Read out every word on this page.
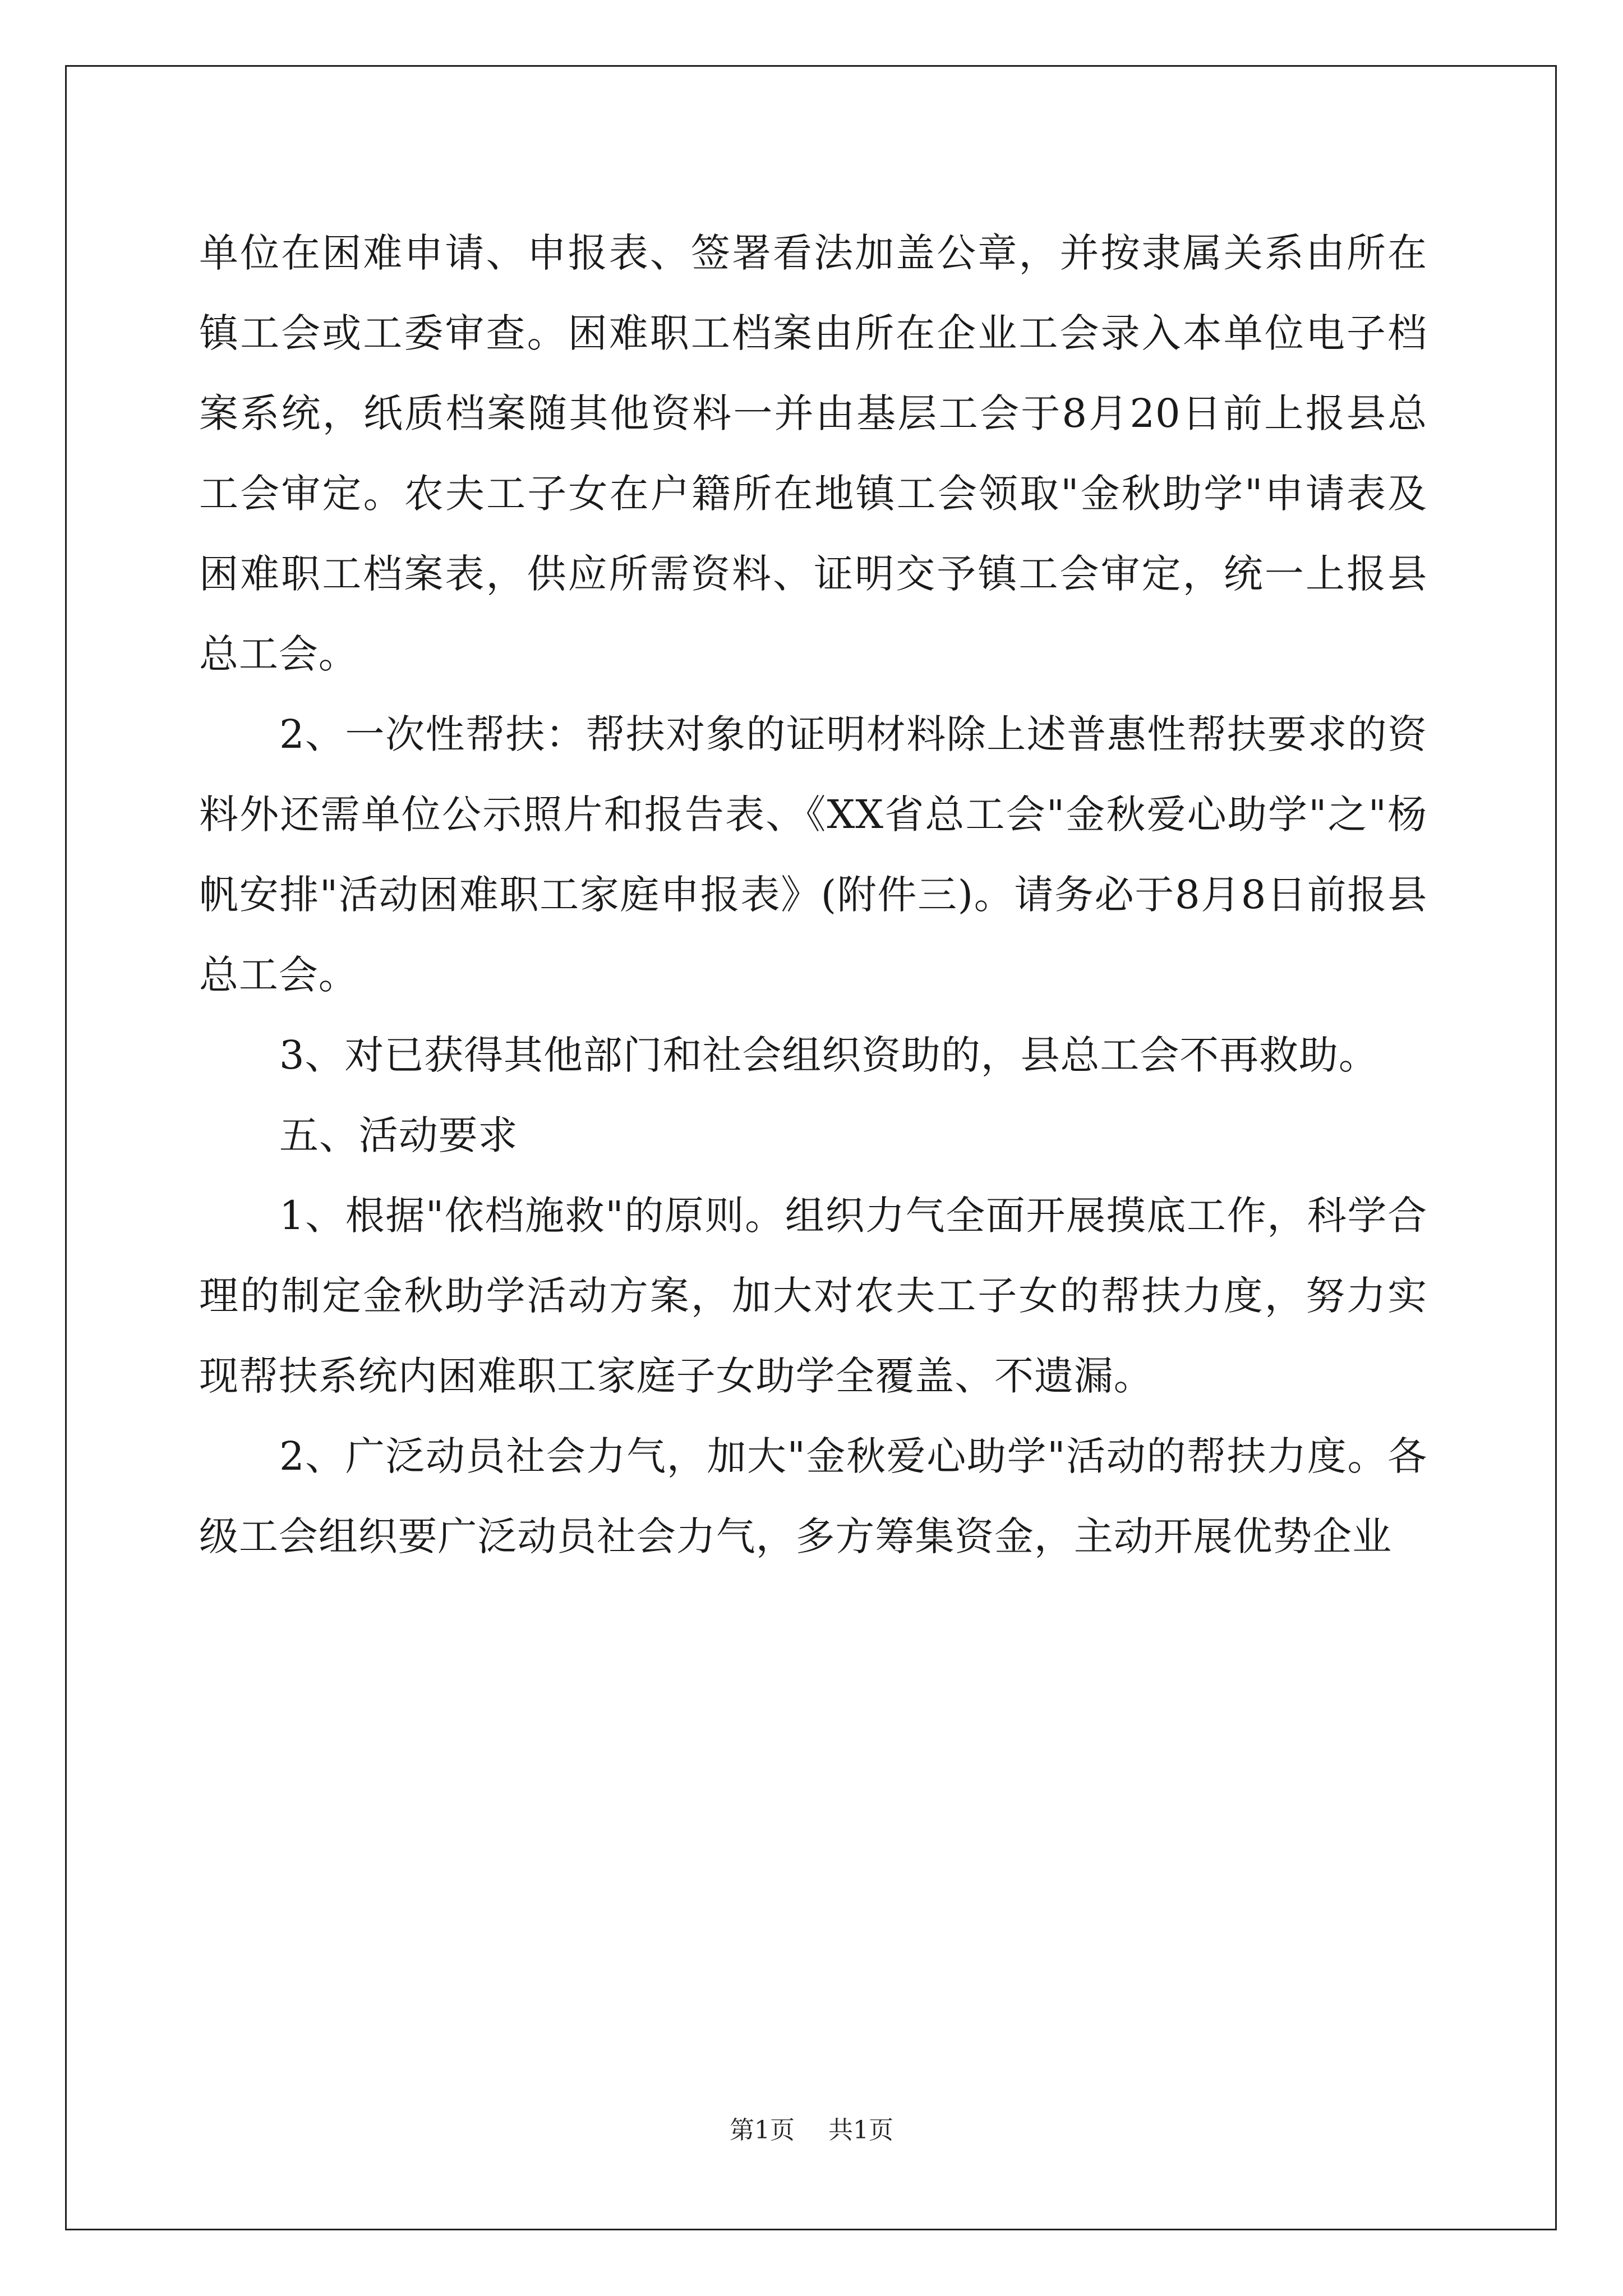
单位在困难申请、申报表、签署看法加盖公章，并按隶属关系由所在镇工会或工委审查。困难职工档案由所在企业工会录入本单位电子档案系统，纸质档案随其他资料一并由基层工会于8月20日前上报县总工会审定。农夫工子女在户籍所在地镇工会领取"金秋助学"申请表及困难职工档案表，供应所需资料、证明交予镇工会审定，统一上报县总工会。

2、一次性帮扶：帮扶对象的证明材料除上述普惠性帮扶要求的资料外还需单位公示照片和报告表、《XX省总工会"金秋爱心助学"之"杨帆安排"活动困难职工家庭申报表》(附件三)。请务必于8月8日前报县总工会。

3、对已获得其他部门和社会组织资助的，县总工会不再救助。

五、活动要求

1、根据"依档施救"的原则。组织力气全面开展摸底工作，科学合理的制定金秋助学活动方案，加大对农夫工子女的帮扶力度，努力实现帮扶系统内困难职工家庭子女助学全覆盖、不遗漏。

2、广泛动员社会力气，加大"金秋爱心助学"活动的帮扶力度。各级工会组织要广泛动员社会力气，多方筹集资金，主动开展优势企业

第1页 共1页
